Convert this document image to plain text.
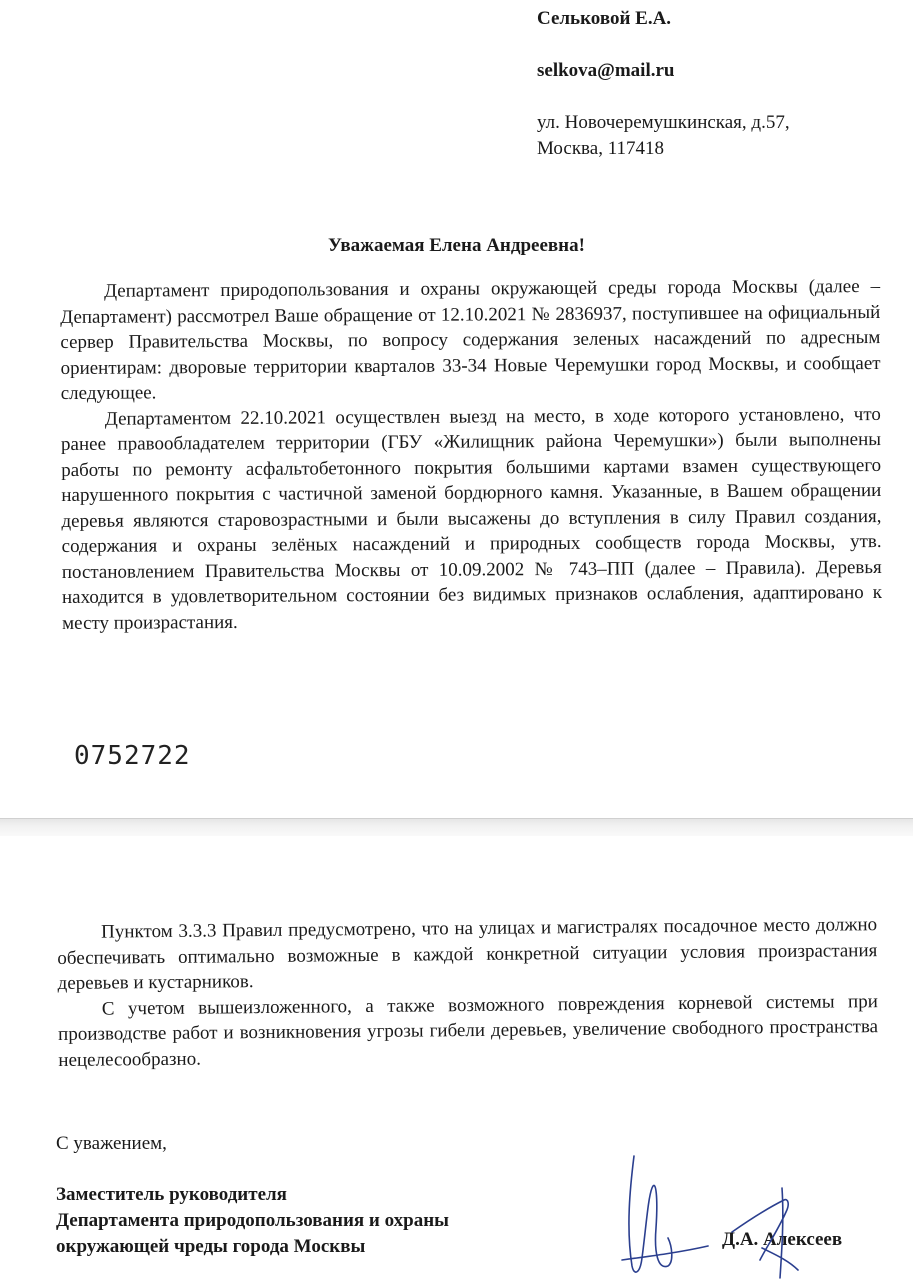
Сельковой Е.А.
selkova@mail.ru
ул. Новочеремушкинская, д.57,
Москва, 117418
Уважаемая Елена Андреевна!

Департамент природопользования и охраны окружающей среды города Москвы (далее – Департамент) рассмотрел Ваше обращение от 12.10.2021 № 2836937, поступившее на официальный сервер Правительства Москвы, по вопросу содержания зеленых насаждений по адресным ориентирам: дворовые территории кварталов 33-34 Новые Черемушки город Москвы, и сообщает следующее.

Департаментом 22.10.2021 осуществлен выезд на место, в ходе которого установлено, что ранее правообладателем территории (ГБУ «Жилищник района Черемушки») были выполнены работы по ремонту асфальтобетонного покрытия большими картами взамен существующего нарушенного покрытия с частичной заменой бордюрного камня. Указанные, в Вашем обращении деревья являются старовозрастными и были высажены до вступления в силу Правил создания, содержания и охраны зелёных насаждений и природных сообществ города Москвы, утв. постановлением Правительства Москвы от 10.09.2002 № 743–ПП (далее – Правила). Деревья находится в удовлетворительном состоянии без видимых признаков ослабления, адаптировано к месту произрастания.

0752722

Пунктом 3.3.3 Правил предусмотрено, что на улицах и магистралях посадочное место должно обеспечивать оптимально возможные в каждой конкретной ситуации условия произрастания деревьев и кустарников.

С учетом вышеизложенного, а также возможного повреждения корневой системы при производстве работ и возникновения угрозы гибели деревьев, увеличение свободного пространства нецелесообразно.

С уважением,
Заместитель руководителя
Департамента природопользования и охраны
окружающей чреды города Москвы	Д.А. Алексеев
